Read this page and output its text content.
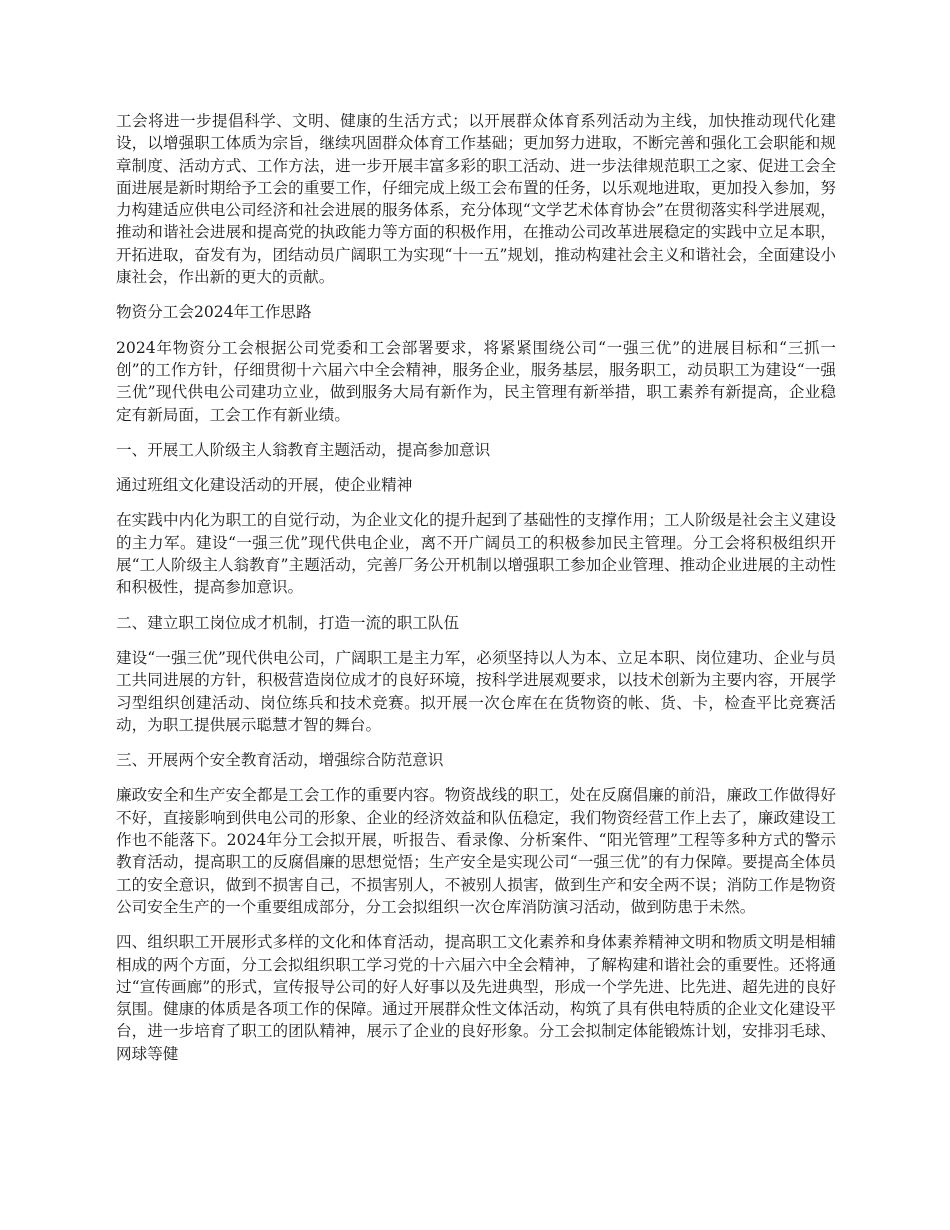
工会将进一步提倡科学、文明、健康的生活方式；以开展群众体育系列活动为主线，加快推动现代化建设，以增强职工体质为宗旨，继续巩固群众体育工作基础；更加努力进取，不断完善和强化工会职能和规章制度、活动方式、工作方法，进一步开展丰富多彩的职工活动、进一步法律规范职工之家、促进工会全面进展是新时期给予工会的重要工作，仔细完成上级工会布置的任务，以乐观地进取，更加投入参加，努力构建适应供电公司经济和社会进展的服务体系，充分体现“文学艺术体育协会”在贯彻落实科学进展观，推动和谐社会进展和提高党的执政能力等方面的积极作用，在推动公司改革进展稳定的实践中立足本职，开拓进取，奋发有为，团结动员广阔职工为实现“十一五”规划，推动构建社会主义和谐社会，全面建设小康社会，作出新的更大的贡献。

物资分工会2024年工作思路

2024年物资分工会根据公司党委和工会部署要求，将紧紧围绕公司“一强三优”的进展目标和“三抓一创”的工作方针，仔细贯彻十六届六中全会精神，服务企业，服务基层，服务职工，动员职工为建设“一强三优”现代供电公司建功立业，做到服务大局有新作为，民主管理有新举措，职工素养有新提高，企业稳定有新局面，工会工作有新业绩。

一、开展工人阶级主人翁教育主题活动，提高参加意识

通过班组文化建设活动的开展，使企业精神

在实践中内化为职工的自觉行动，为企业文化的提升起到了基础性的支撑作用；工人阶级是社会主义建设的主力军。建设“一强三优”现代供电企业，离不开广阔员工的积极参加民主管理。分工会将积极组织开展“工人阶级主人翁教育”主题活动，完善厂务公开机制以增强职工参加企业管理、推动企业进展的主动性和积极性，提高参加意识。

二、建立职工岗位成才机制，打造一流的职工队伍

建设“一强三优”现代供电公司，广阔职工是主力军，必须坚持以人为本、立足本职、岗位建功、企业与员工共同进展的方针，积极营造岗位成才的良好环境，按科学进展观要求，以技术创新为主要内容，开展学习型组织创建活动、岗位练兵和技术竞赛。拟开展一次仓库在在货物资的帐、货、卡，检查平比竞赛活动，为职工提供展示聪慧才智的舞台。

三、开展两个安全教育活动，增强综合防范意识

廉政安全和生产安全都是工会工作的重要内容。物资战线的职工，处在反腐倡廉的前沿，廉政工作做得好不好，直接影响到供电公司的形象、企业的经济效益和队伍稳定，我们物资经营工作上去了，廉政建设工作也不能落下。2024年分工会拟开展，听报告、看录像、分析案件、“阳光管理”工程等多种方式的警示教育活动，提高职工的反腐倡廉的思想觉悟；生产安全是实现公司“一强三优”的有力保障。要提高全体员工的安全意识，做到不损害自己，不损害别人，不被别人损害，做到生产和安全两不误；消防工作是物资公司安全生产的一个重要组成部分，分工会拟组织一次仓库消防演习活动，做到防患于未然。

四、组织职工开展形式多样的文化和体育活动，提高职工文化素养和身体素养精神文明和物质文明是相辅相成的两个方面，分工会拟组织职工学习党的十六届六中全会精神，了解构建和谐社会的重要性。还将通过“宣传画廊”的形式，宣传报导公司的好人好事以及先进典型，形成一个学先进、比先进、超先进的良好氛围。健康的体质是各项工作的保障。通过开展群众性文体活动，构筑了具有供电特质的企业文化建设平台，进一步培育了职工的团队精神，展示了企业的良好形象。分工会拟制定体能锻炼计划，安排羽毛球、网球等健
